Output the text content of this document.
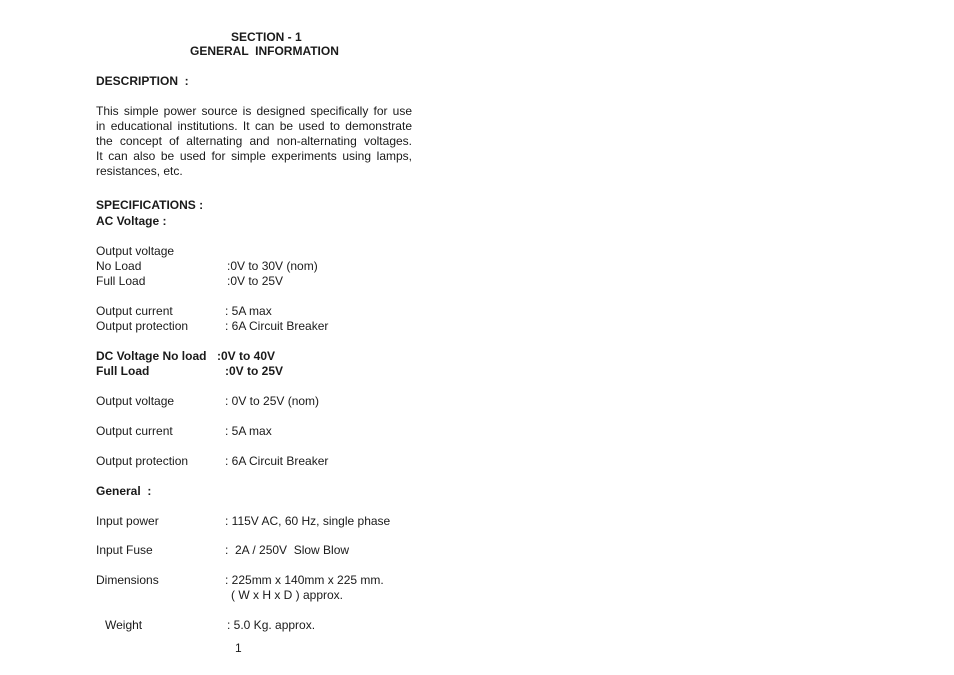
SECTION - 1
GENERAL  INFORMATION
DESCRIPTION  :
This simple power source is designed specifically for use
in educational institutions. It can be used to demonstrate
the concept of alternating and non-alternating voltages.
It can also be used for simple experiments using lamps,
resistances, etc.
SPECIFICATIONS :
AC Voltage :
Output voltage
No Load	:0V to 30V (nom)
Full Load	:0V to 25V
Output current	: 5A max
Output protection	: 6A Circuit Breaker
DC Voltage No load :0V to 40V
Full Load	:0V to 25V
Output voltage	: 0V to 25V (nom)
Output current	: 5A max
Output protection	: 6A Circuit Breaker
General  :
Input power	: 115V AC, 60 Hz, single phase
Input Fuse	:  2A / 250V  Slow Blow
Dimensions	: 225mm x 140mm x 225 mm.
( W x H x D ) approx.
Weight	: 5.0 Kg. approx.
1
